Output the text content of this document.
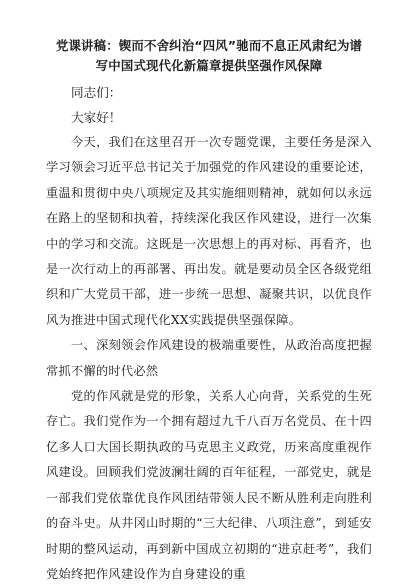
党课讲稿：锲而不舍纠治“四风”驰而不息正风肃纪为谱
写中国式现代化新篇章提供坚强作风保障

同志们：

大家好！

今天，我们在这里召开一次专题党课，主要任务是深入学习领会习近平总书记关于加强党的作风建设的重要论述，重温和贯彻中央八项规定及其实施细则精神，就如何以永远在路上的坚韧和执着，持续深化我区作风建设，进行一次集中的学习和交流。这既是一次思想上的再对标、再看齐，也是一次行动上的再部署、再出发。就是要动员全区各级党组织和广大党员干部，进一步统一思想、凝聚共识，以优良作风为推进中国式现代化XX实践提供坚强保障。

一、深刻领会作风建设的极端重要性，从政治高度把握常抓不懈的时代必然

党的作风就是党的形象，关系人心向背，关系党的生死存亡。我们党作为一个拥有超过九千八百万名党员、在十四亿多人口大国长期执政的马克思主义政党，历来高度重视作风建设。回顾我们党波澜壮阔的百年征程，一部党史，就是一部我们党依靠优良作风团结带领人民不断从胜利走向胜利的奋斗史。从井冈山时期的“三大纪律、八项注意”，到延安时期的整风运动，再到新中国成立初期的“进京赶考”，我们党始终把作风建设作为自身建设的重
